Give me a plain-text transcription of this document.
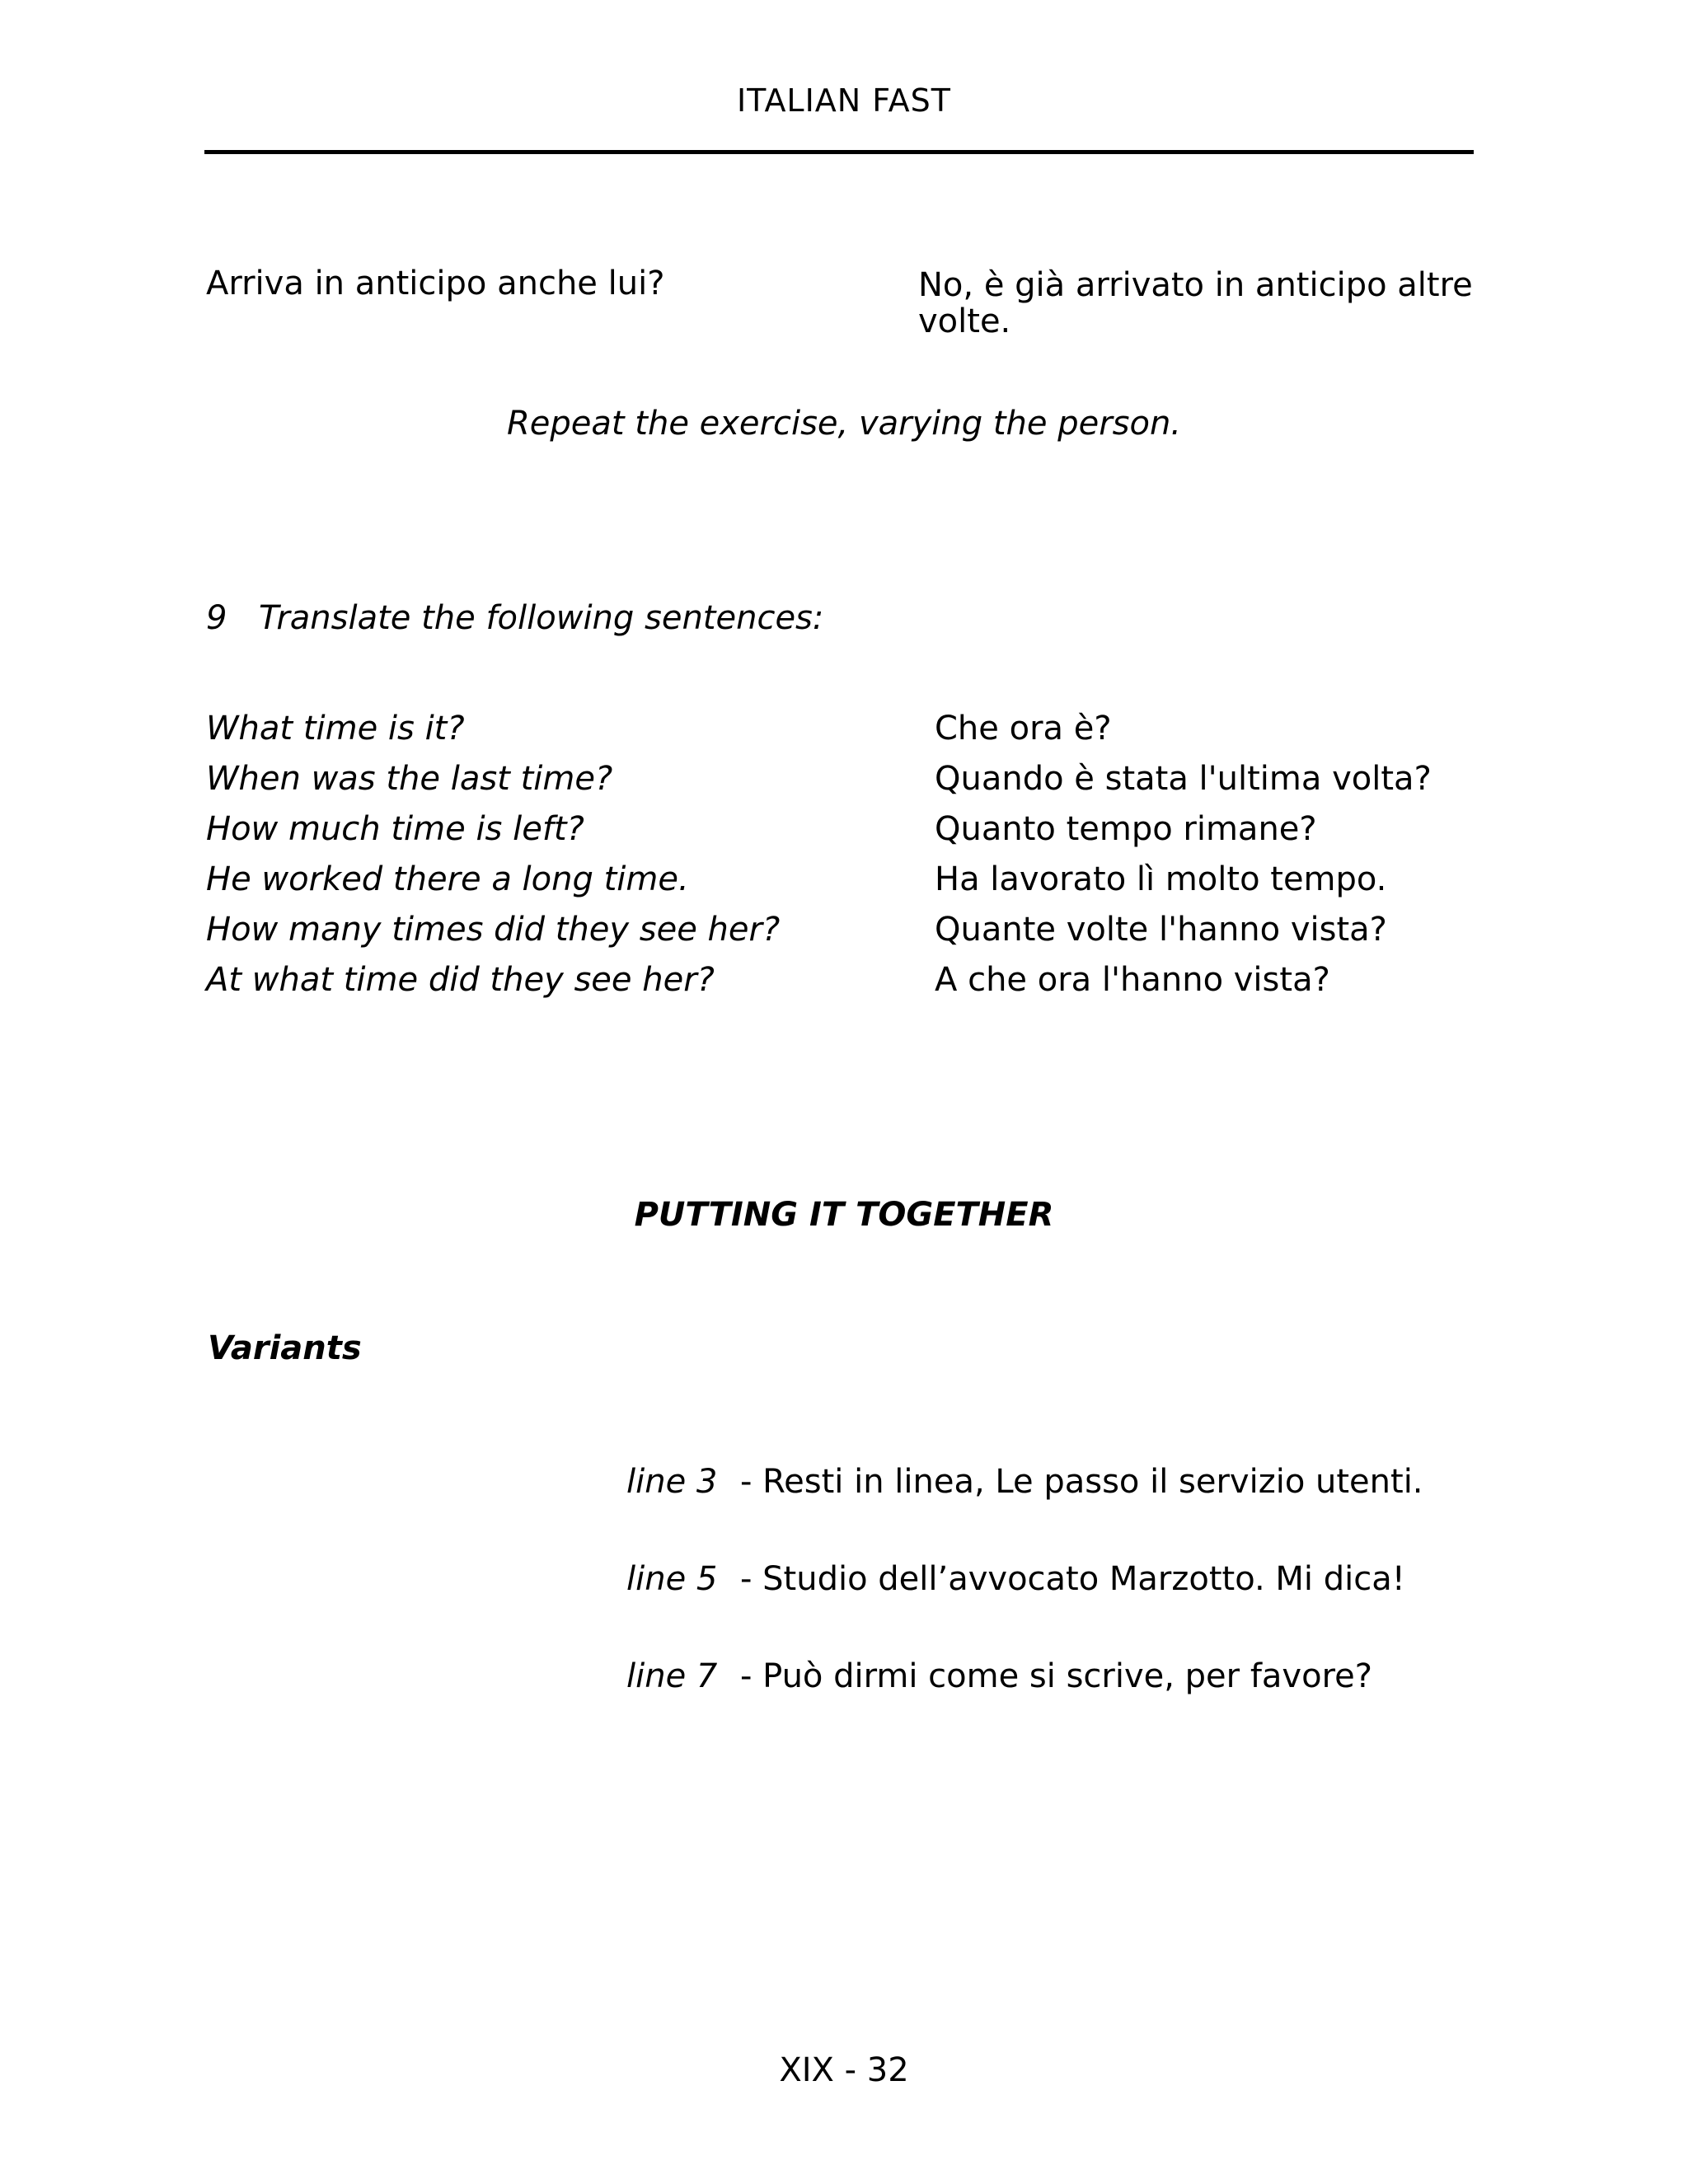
ITALIAN FAST

Arriva in anticipo anche lui?	No, è già arrivato in anticipo altre volte.

Repeat the exercise, varying the person.

9 Translate the following sentences:
What time is it?
When was the last time?
How much time is left?
He worked there a long time.
How many times did they see her?
At what time did they see her?
Che ora è?
Quando è stata l'ultima volta?
Quanto tempo rimane?
Ha lavorato lì molto tempo.
Quante volte l'hanno vista?
A che ora l'hanno vista?

PUTTING IT TOGETHER

Variants

line 3 - Resti in linea, Le passo il servizio utenti.
line 5 - Studio dell’avvocato Marzotto. Mi dica!
line 7 - Può dirmi come si scrive, per favore?

XIX - 32
